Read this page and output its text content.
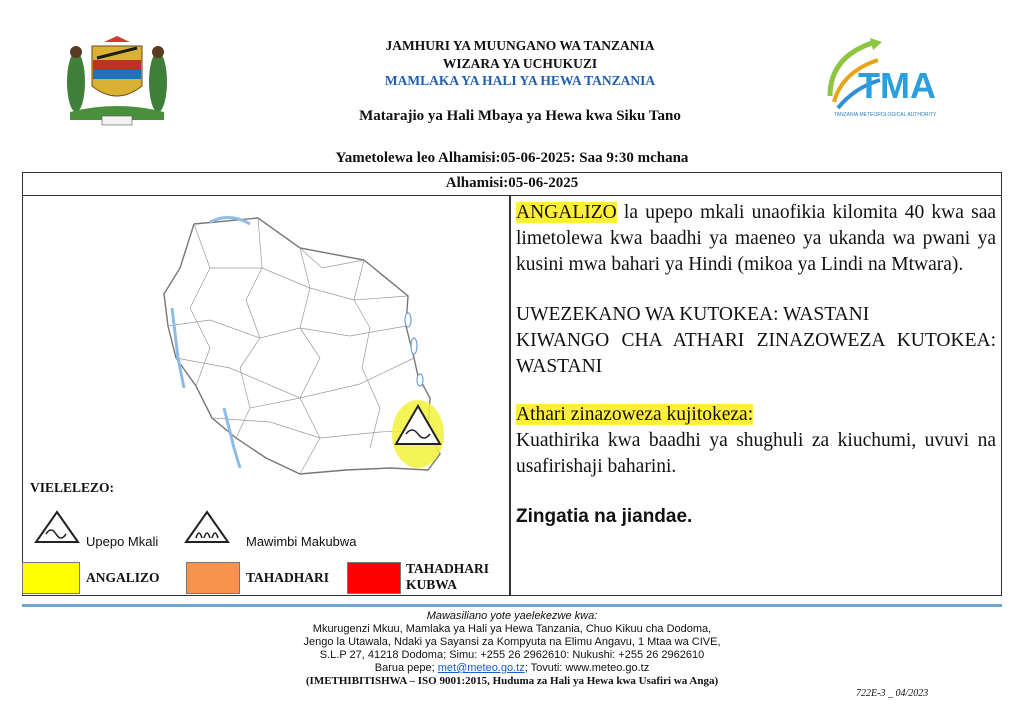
JAMHURI YA MUUNGANO WA TANZANIA
WIZARA YA UCHUKUZI
MAMLAKA YA HALI YA HEWA TANZANIA
Matarajio ya Hali Mbaya ya Hewa kwa Siku Tano
Yametolewa leo Alhamisi:05-06-2025: Saa 9:30 mchana
TMA
TANZANIA METEOROLOGICAL AUTHORITY
Alhamisi:05-06-2025

ANGALIZO la upepo mkali unaofikia kilomita 40 kwa saa limetolewa kwa baadhi ya maeneo ya ukanda wa pwani ya kusini mwa bahari ya Hindi (mikoa ya Lindi na Mtwara).

UWEZEKANO WA KUTOKEA: WASTANI
KIWANGO CHA ATHARI ZINAZOWEZA KUTOKEA: WASTANI
Athari zinazoweza kujitokeza:
Kuathirika kwa baadhi ya shughuli za kiuchumi, uvuvi na usafirishaji baharini.
Zingatia na jiandae.
VIELELEZO:
Upepo Mkali	Mawimbi Makubwa
ANGALIZO	TAHADHARI
TAHADHARI
KUBWA
Mawasiliano yote yaelekezwe kwa:
Mkurugenzi Mkuu, Mamlaka ya Hali ya Hewa Tanzania, Chuo Kikuu cha Dodoma,
Jengo la Utawala, Ndaki ya Sayansi za Kompyuta na Elimu Angavu, 1 Mtaa wa CIVE,
S.L.P 27, 41218 Dodoma; Simu: +255 26 2962610: Nukushi: +255 26 2962610
Barua pepe; met@meteo.go.tz; Tovuti: www.meteo.go.tz
(IMETHIBITISHWA – ISO 9001:2015, Huduma za Hali ya Hewa kwa Usafiri wa Anga)
722E-3 _ 04/2023
